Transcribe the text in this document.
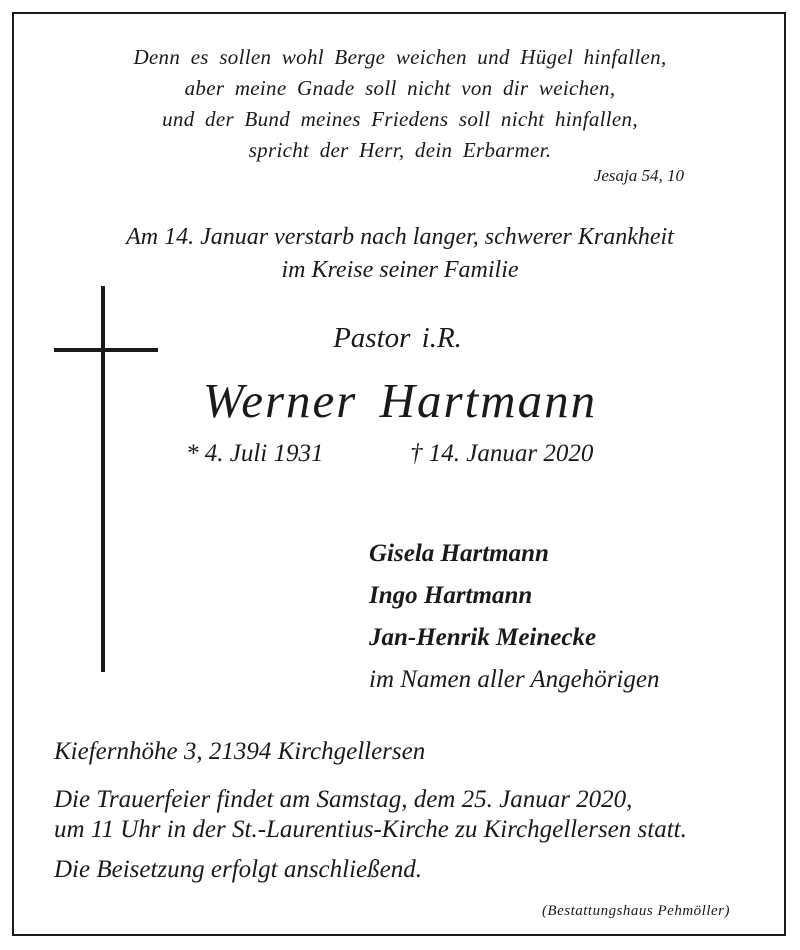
Denn es sollen wohl Berge weichen und Hügel hinfallen,
aber meine Gnade soll nicht von dir weichen,
und der Bund meines Friedens soll nicht hinfallen,
spricht der Herr, dein Erbarmer.
Jesaja 54, 10
Am 14. Januar verstarb nach langer, schwerer Krankheit
im Kreise seiner Familie
Pastor i.R.
Werner Hartmann
* 4. Juli 1931	† 14. Januar 2020
Gisela Hartmann
Ingo Hartmann
Jan-Henrik Meinecke
im Namen aller Angehörigen
Kiefernhöhe 3, 21394 Kirchgellersen
Die Trauerfeier findet am Samstag, dem 25. Januar 2020,
um 11 Uhr in der St.-Laurentius-Kirche zu Kirchgellersen statt.
Die Beisetzung erfolgt anschließend.
(Bestattungshaus Pehmöller)
